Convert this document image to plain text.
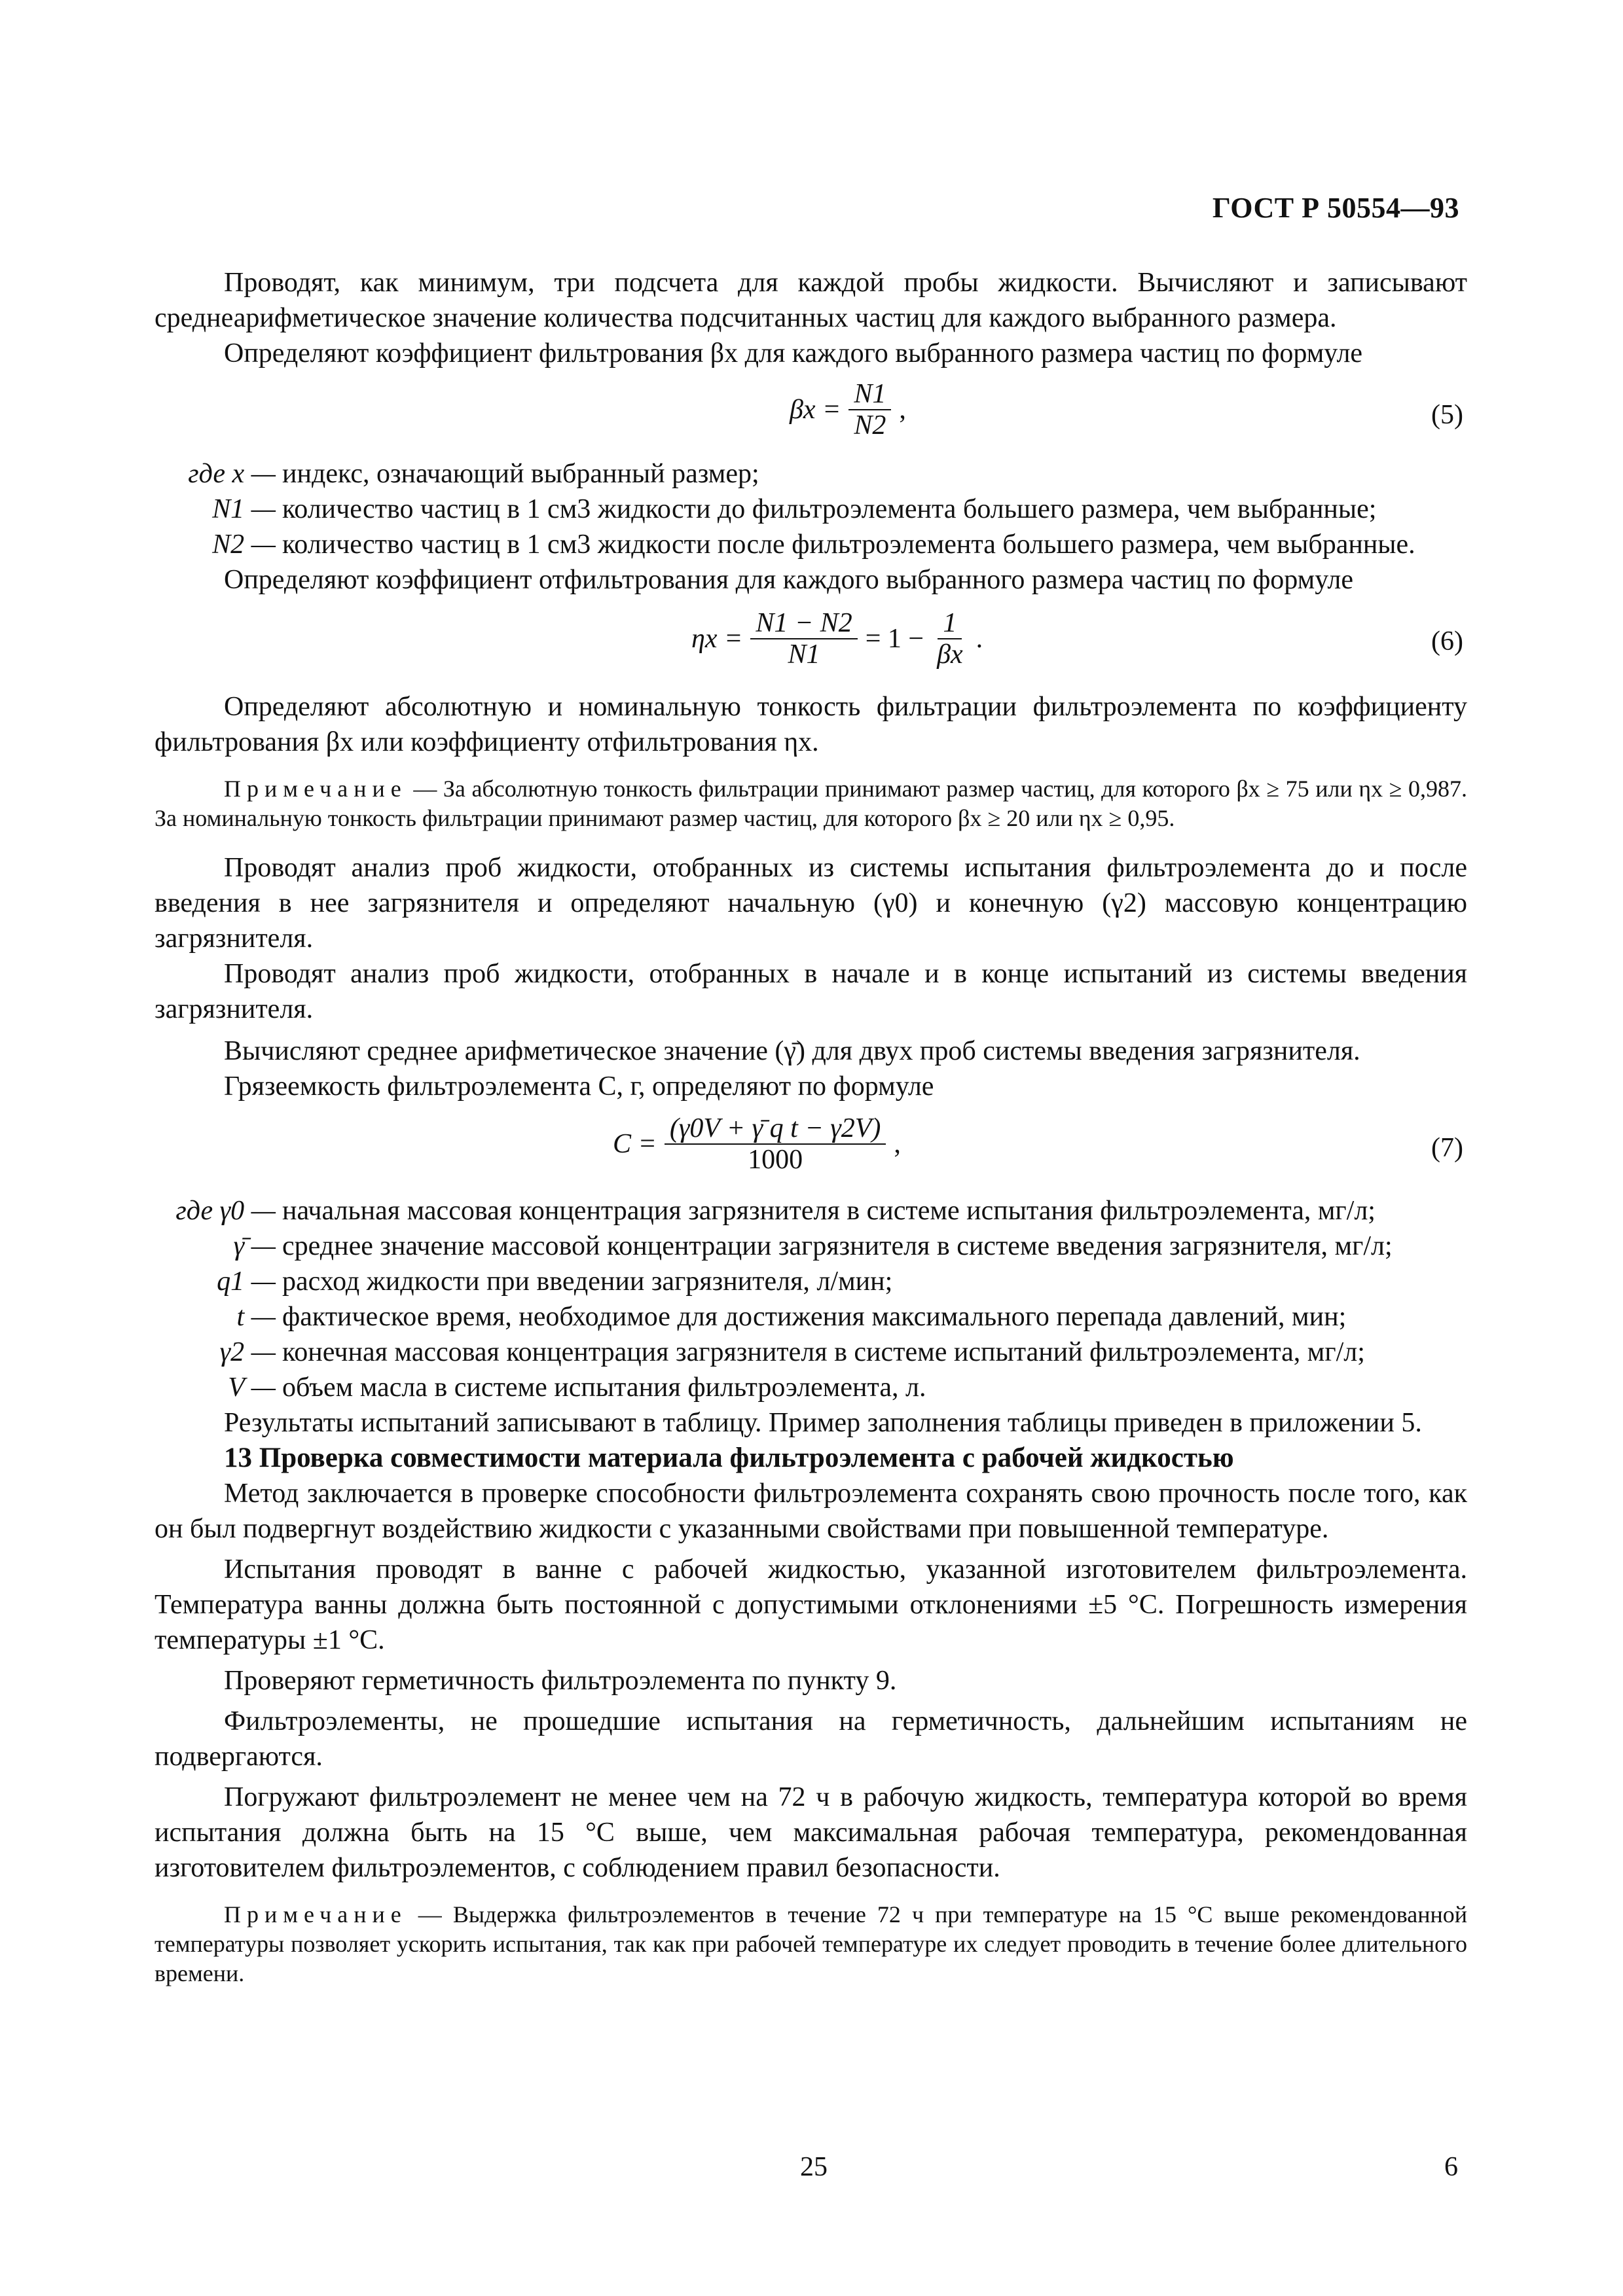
ГОСТ Р 50554—93

Проводят, как минимум, три подсчета для каждой пробы жидкости. Вычисляют и записывают среднеарифметическое значение количества подсчитанных частиц для каждого выбранного размера.

Определяют коэффициент фильтрования βx для каждого выбранного размера частиц по формуле

$\beta x = \frac{N1}{N2}$ ,	(5)
где x — индекс, означающий выбранный размер;
N1 — количество частиц в 1 см3 жидкости до фильтроэлемента большего размера, чем выбранные;
N2 — количество частиц в 1 см3 жидкости после фильтроэлемента большего размера, чем выбранные.

Определяют коэффициент отфильтрования для каждого выбранного размера частиц по формуле

$\eta x = \frac{N1 - N2}{N1} = 1 - \frac{1}{\beta x}$ .	(6)

Определяют абсолютную и номинальную тонкость фильтрации фильтроэлемента по коэффициенту фильтрования βx или коэффициенту отфильтрования ηx.

Примечание — За абсолютную тонкость фильтрации принимают размер частиц, для которого βx ≥ 75 или ηx ≥ 0,987. За номинальную тонкость фильтрации принимают размер частиц, для которого βx ≥ 20 или ηx ≥ 0,95.

Проводят анализ проб жидкости, отобранных из системы испытания фильтроэлемента до и после введения в нее загрязнителя и определяют начальную (γ0) и конечную (γ2) массовую концентрацию загрязнителя.

Проводят анализ проб жидкости, отобранных в начале и в конце испытаний из системы введения загрязнителя.

Вычисляют среднее арифметическое значение (γ̄) для двух проб системы введения загрязнителя.

Грязеемкость фильтроэлемента C, г, определяют по формуле

$C = \frac{\text{(γ0V + γ̄ q t − γ2V)}}{1000}$ ,	(7)
где γ0 — начальная массовая концентрация загрязнителя в системе испытания фильтроэлемента, мг/л;
γ̄ — среднее значение массовой концентрации загрязнителя в системе введения загрязнителя, мг/л;
q1 — расход жидкости при введении загрязнителя, л/мин;
t — фактическое время, необходимое для достижения максимального перепада давлений, мин;
γ2 — конечная массовая концентрация загрязнителя в системе испытаний фильтроэлемента, мг/л;
V — объем масла в системе испытания фильтроэлемента, л.

Результаты испытаний записывают в таблицу. Пример заполнения таблицы приведен в приложении 5.

13 Проверка совместимости материала фильтроэлемента с рабочей жидкостью

Метод заключается в проверке способности фильтроэлемента сохранять свою прочность после того, как он был подвергнут воздействию жидкости с указанными свойствами при повышенной температуре.

Испытания проводят в ванне с рабочей жидкостью, указанной изготовителем фильтроэлемента. Температура ванны должна быть постоянной с допустимыми отклонениями ±5 °С. Погрешность измерения температуры ±1 °С.

Проверяют герметичность фильтроэлемента по пункту 9.

Фильтроэлементы, не прошедшие испытания на герметичность, дальнейшим испытаниям не подвергаются.

Погружают фильтроэлемент не менее чем на 72 ч в рабочую жидкость, температура которой во время испытания должна быть на 15 °С выше, чем максимальная рабочая температура, рекомендованная изготовителем фильтроэлементов, с соблюдением правил безопасности.

Примечание — Выдержка фильтроэлементов в течение 72 ч при температуре на 15 °С выше рекомендованной температуры позволяет ускорить испытания, так как при рабочей температуре их следует проводить в течение более длительного времени.

25	6
